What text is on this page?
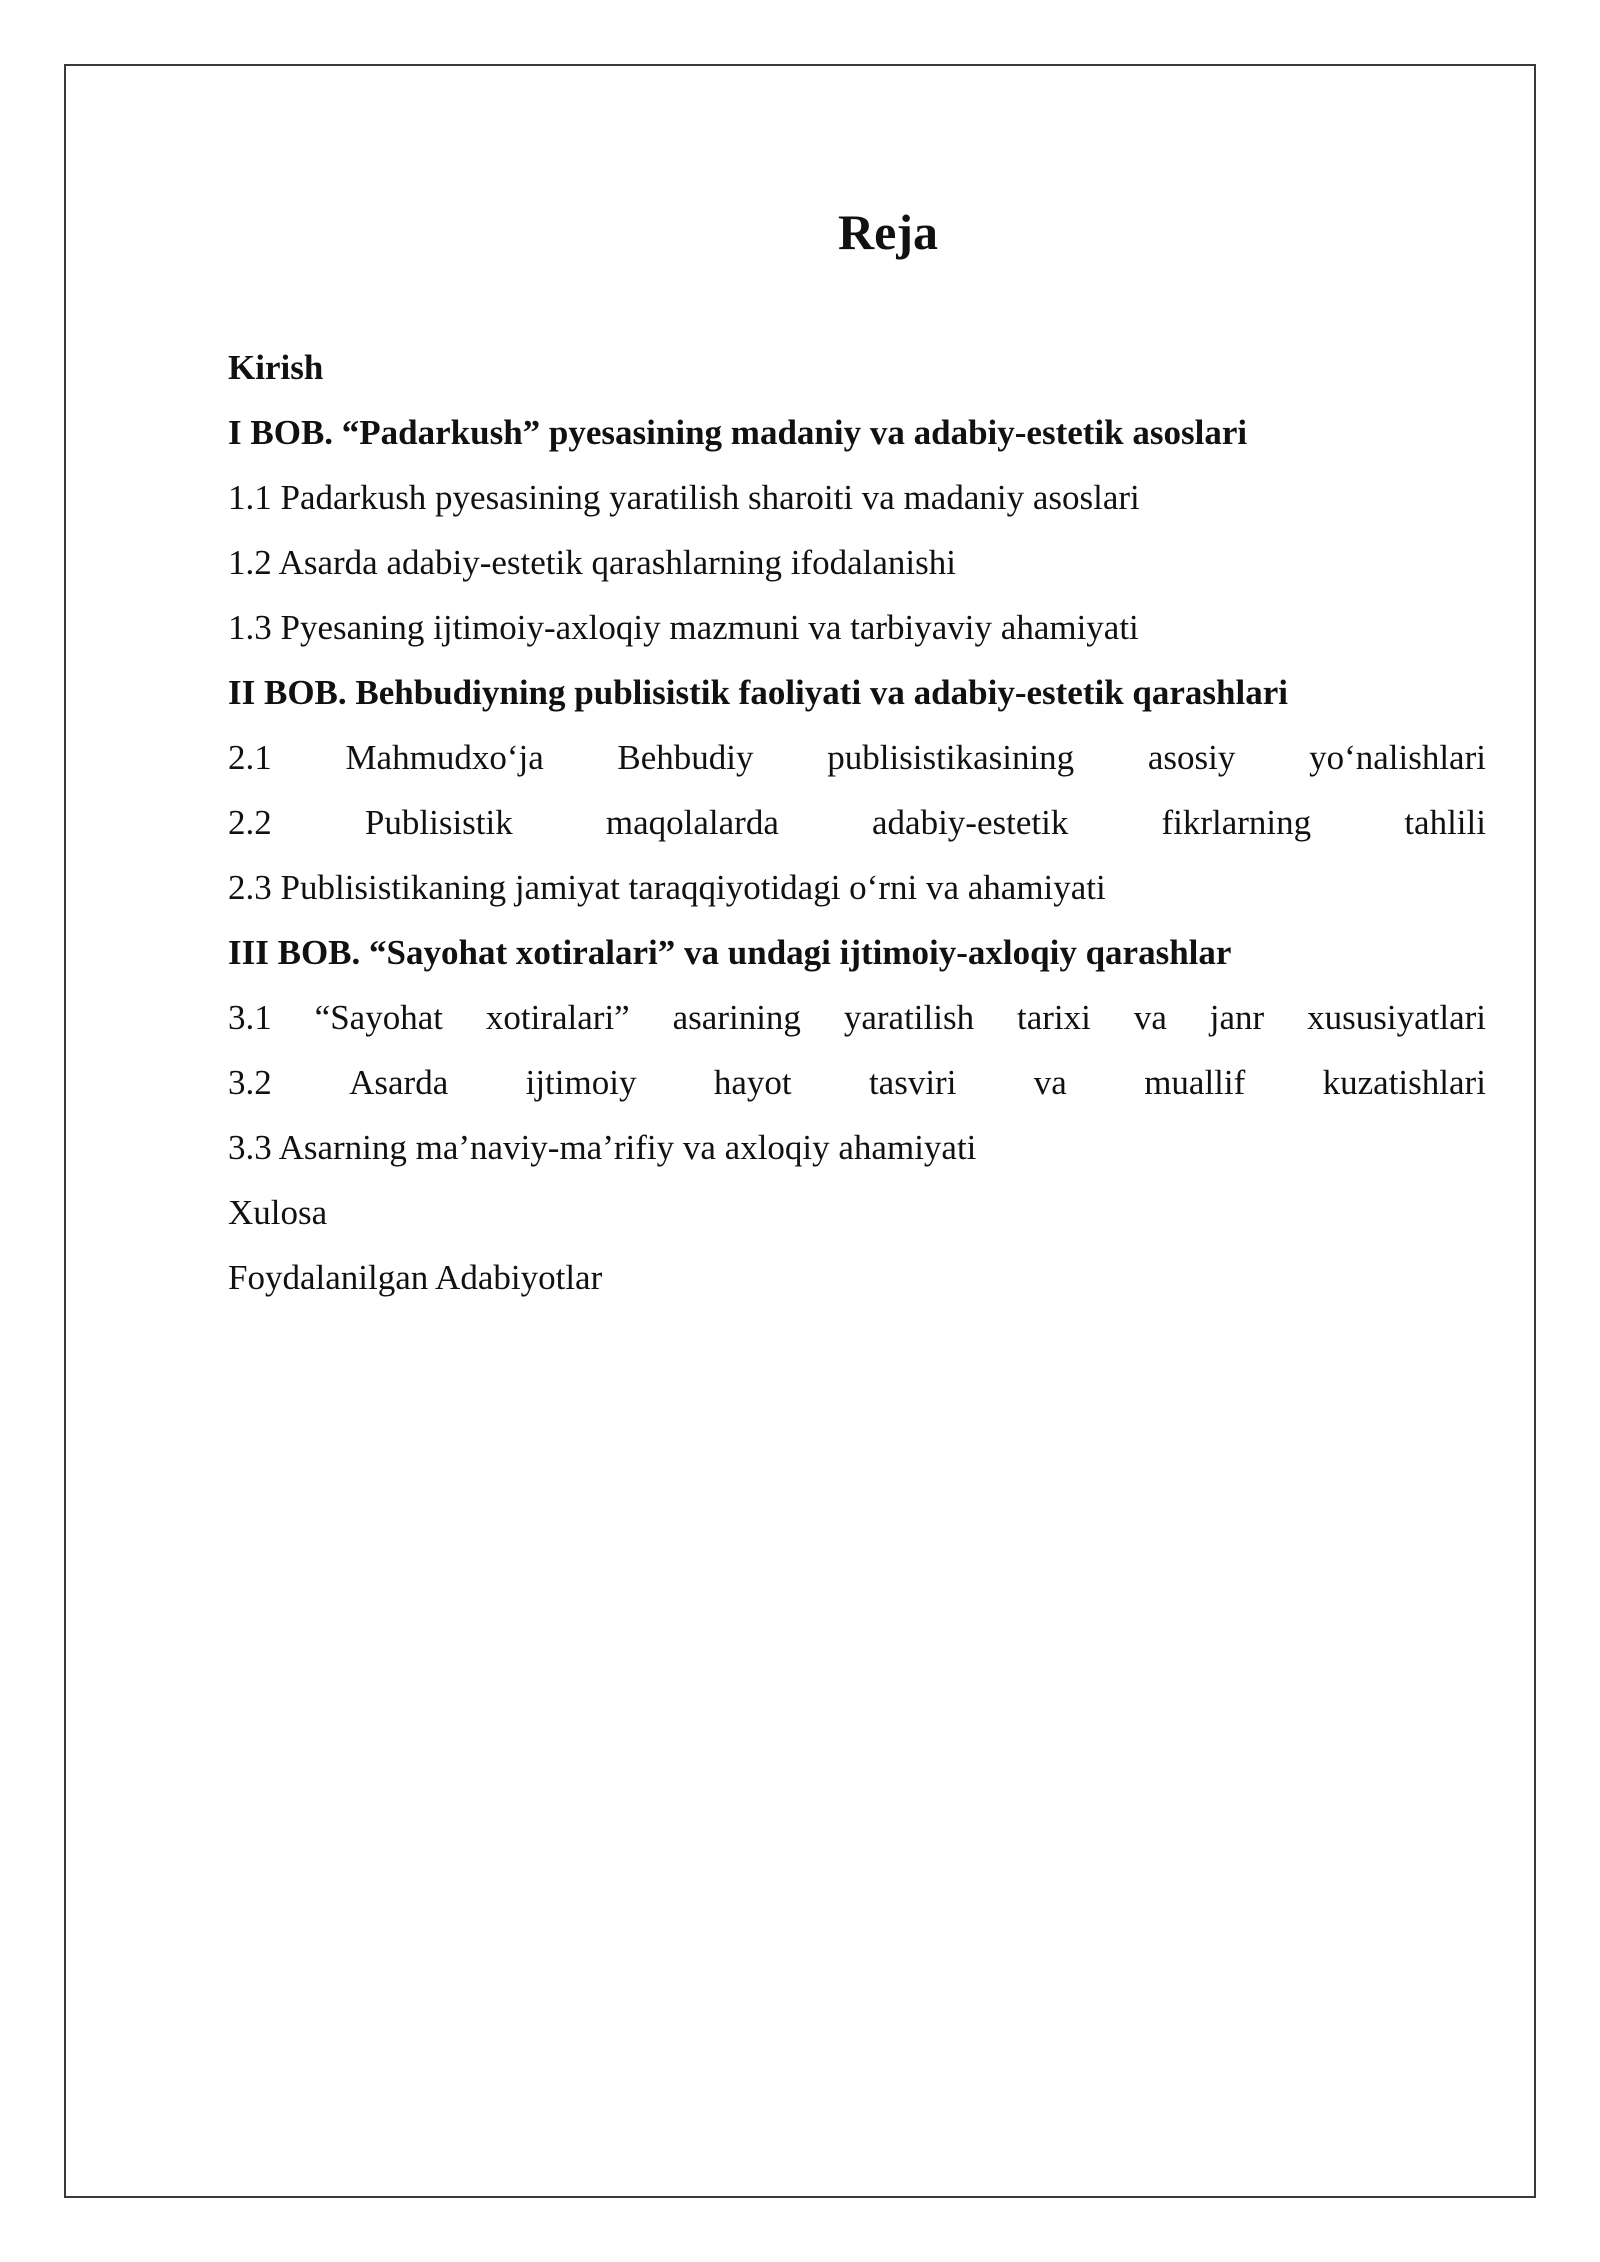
Reja
Kirish
I BOB. “Padarkush” pyesasining madaniy va adabiy-estetik asoslari
1.1 Padarkush pyesasining yaratilish sharoiti va madaniy asoslari
1.2 Asarda adabiy-estetik qarashlarning ifodalanishi
1.3 Pyesaning ijtimoiy-axloqiy mazmuni va tarbiyaviy ahamiyati
II BOB. Behbudiyning publisistik faoliyati va adabiy-estetik qarashlari
2.1 Mahmudxo‘ja Behbudiy publisistikasining asosiy yo‘nalishlari
2.2	Publisistik	maqolalarda	adabiy-estetik	fikrlarning	tahlili
2.3 Publisistikaning jamiyat taraqqiyotidagi o‘rni va ahamiyati
III BOB. “Sayohat xotiralari” va undagi ijtimoiy-axloqiy qarashlar
3.1 “Sayohat xotiralari” asarining yaratilish tarixi va janr xususiyatlari
3.2 Asarda ijtimoiy hayot tasviri va muallif kuzatishlari
3.3 Asarning ma’naviy-ma’rifiy va axloqiy ahamiyati
Xulosa
Foydalanilgan Adabiyotlar
